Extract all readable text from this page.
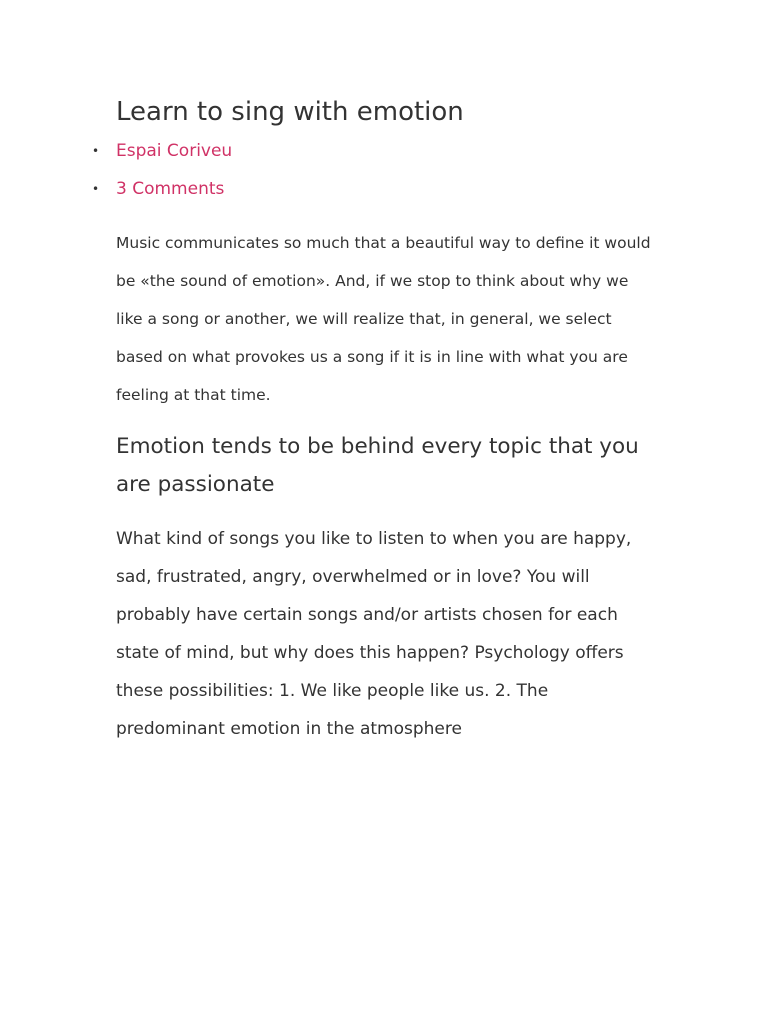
Learn to sing with emotion
• Espai Coriveu
• 3 Comments

Music communicates so much that a beautiful way to define it would be «the sound of emotion». And, if we stop to think about why we like a song or another, we will realize that, in general, we select based on what provokes us a song if it is in line with what you are feeling at that time.

Emotion tends to be behind every topic that you are passionate

What kind of songs you like to listen to when you are happy, sad, frustrated, angry, overwhelmed or in love? You will probably have certain songs and/or artists chosen for each state of mind, but why does this happen? Psychology offers these possibilities: 1. We like people like us. 2. The predominant emotion in the atmosphere
